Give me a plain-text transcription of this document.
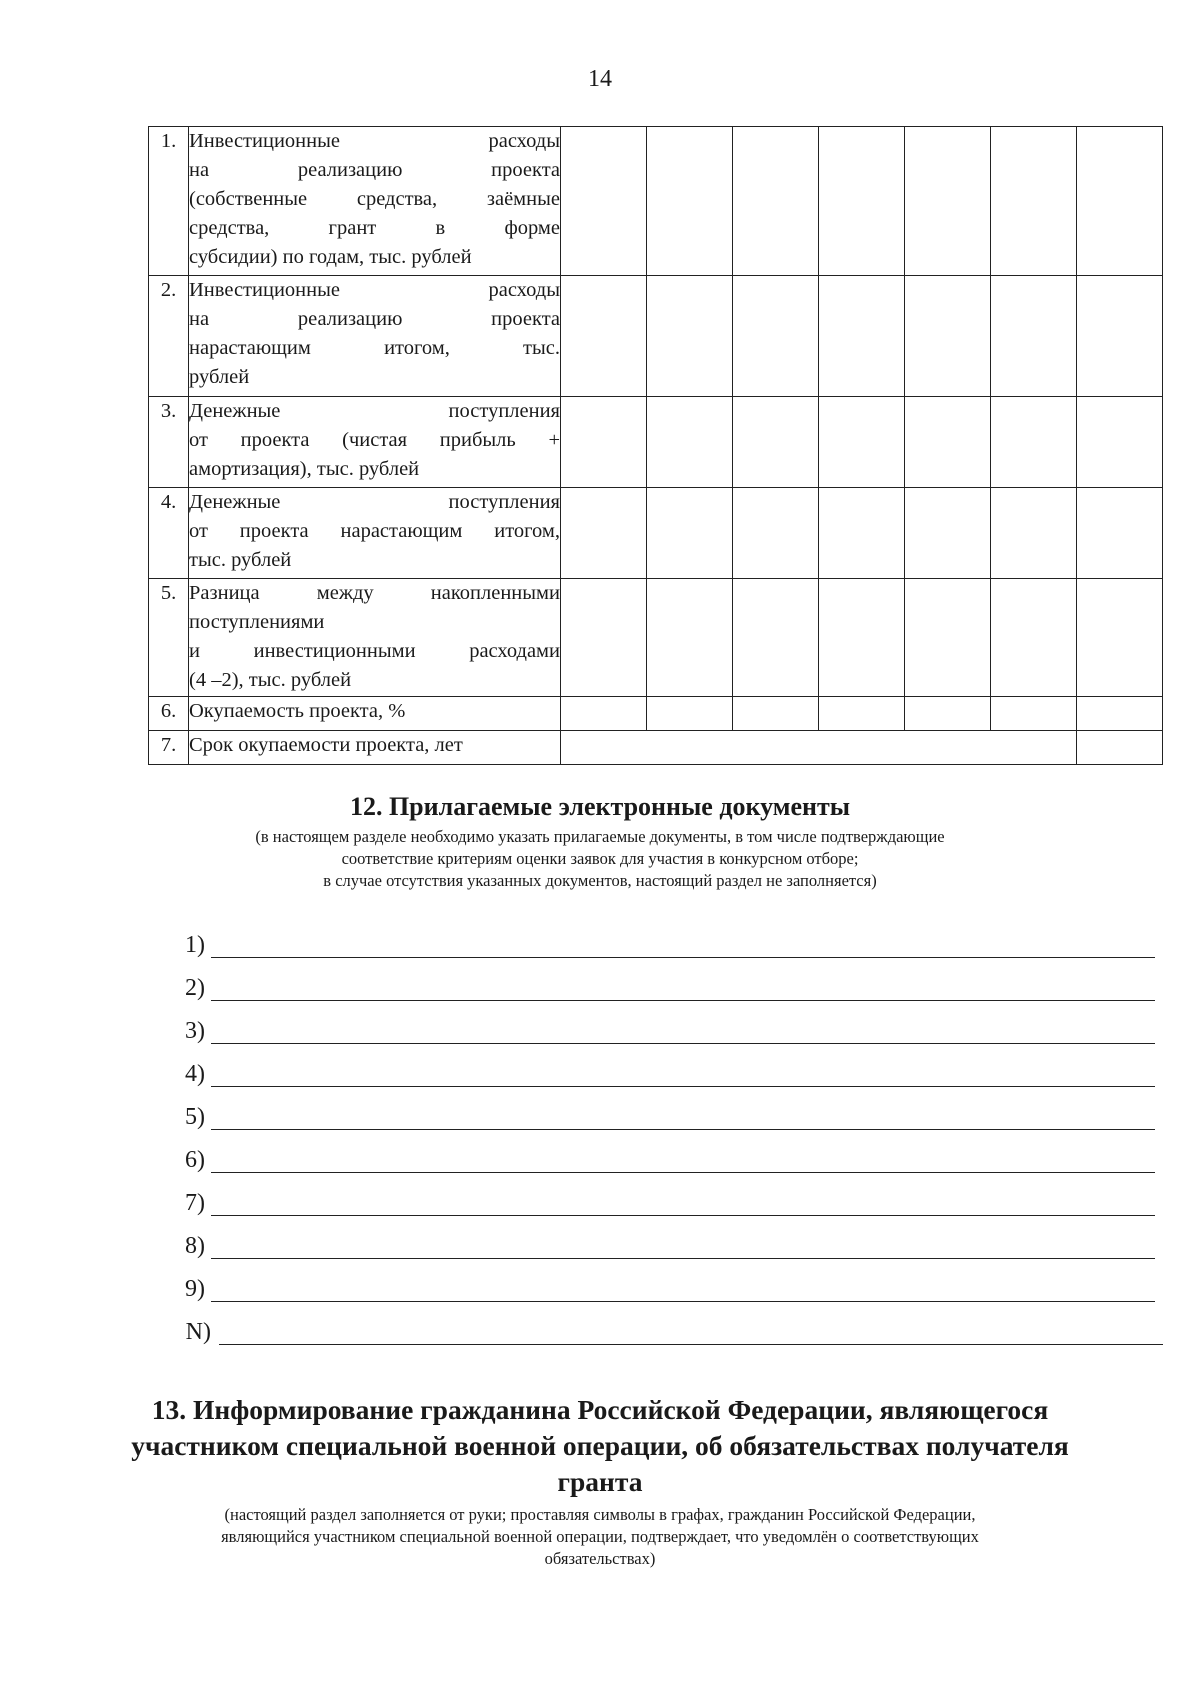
14
1.	Инвестиционные расходы
на реализацию проекта
(собственные средства, заёмные
средства, грант в форме
субсидии) по годам, тыс. рублей							

2.	Инвестиционные расходы
на реализацию проекта
нарастающим итогом, тыс.
рублей							

3.	Денежные поступления
от проекта (чистая прибыль +
амортизация), тыс. рублей							

4.	Денежные поступления
от проекта нарастающим итогом,
тыс. рублей							

5.	Разница между накопленными
поступлениями
и инвестиционными расходами
(4 –2), тыс. рублей							

6.	Окупаемость проекта, %							

7.	Срок окупаемости проекта, лет							

12. Прилагаемые электронные документы

(в настоящем разделе необходимо указать прилагаемые документы, в том числе подтверждающие

соответствие критериям оценки заявок для участия в конкурсном отборе;

в случае отсутствия указанных документов, настоящий раздел не заполняется)

1)
2)
3)
4)
5)
6)
7)
8)
9)
N)
13. Информирование гражданина Российской Федерации, являющегося
участником специальной военной операции, об обязательствах получателя
гранта

(настоящий раздел заполняется от руки; проставляя символы в графах, гражданин Российской Федерации,

являющийся участником специальной военной операции, подтверждает, что уведомлён о соответствующих

обязательствах)
